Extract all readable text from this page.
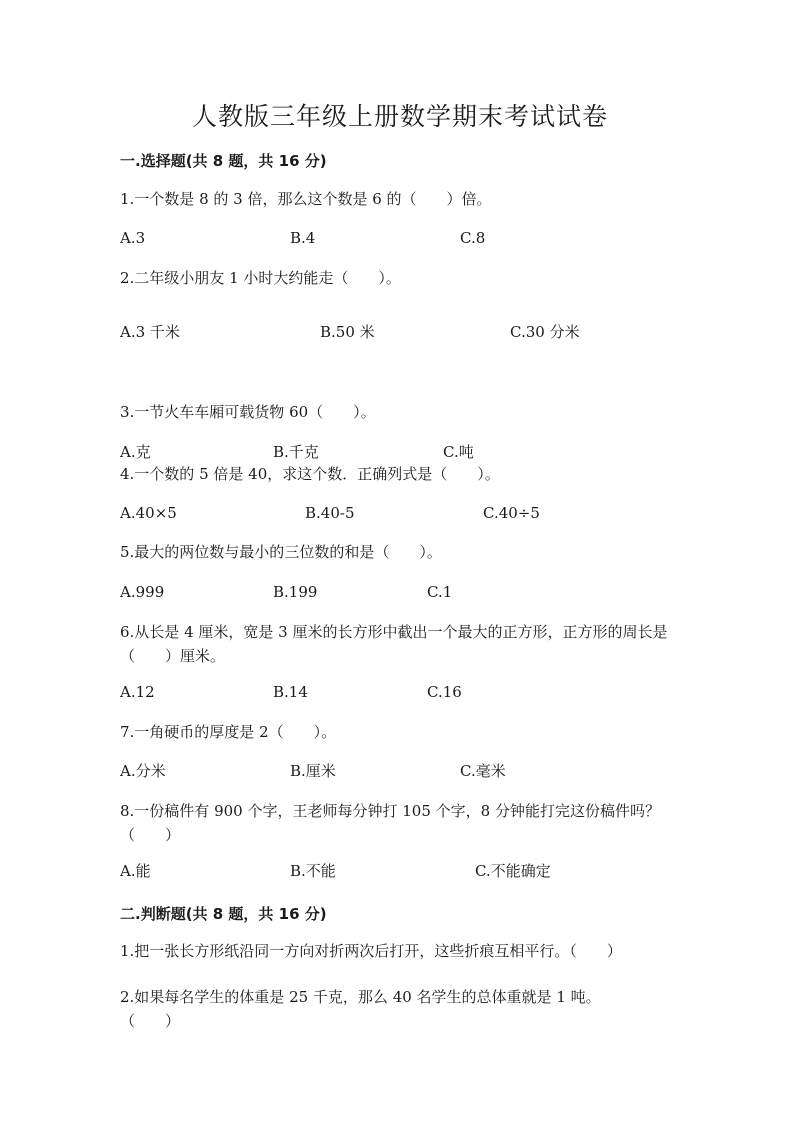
人教版三年级上册数学期末考试试卷
一.选择题(共 8 题，共 16 分)
1.一个数是 8 的 3 倍，那么这个数是 6 的（　　）倍。
A.3	B.4	C.8
2.二年级小朋友 1 小时大约能走（　　）。
A.3 千米	B.50 米	C.30 分米
3.一节火车车厢可载货物 60（　　）。
A.克	B.千克	C.吨
4.一个数的 5 倍是 40，求这个数．正确列式是（　　）。
A.40×5	B.40-5	C.40÷5
5.最大的两位数与最小的三位数的和是（　　）。
A.999	B.199	C.1
6.从长是 4 厘米，宽是 3 厘米的长方形中截出一个最大的正方形，正方形的周长是（　　）厘米。
A.12	B.14	C.16
7.一角硬币的厚度是 2（　　）。
A.分米	B.厘米	C.毫米
8.一份稿件有 900 个字，王老师每分钟打 105 个字，8 分钟能打完这份稿件吗？（　　）
A.能	B.不能	C.不能确定
二.判断题(共 8 题，共 16 分)
1.把一张长方形纸沿同一方向对折两次后打开，这些折痕互相平行。（　　）
2.如果每名学生的体重是 25 千克，那么 40 名学生的总体重就是 1 吨。（　　）
